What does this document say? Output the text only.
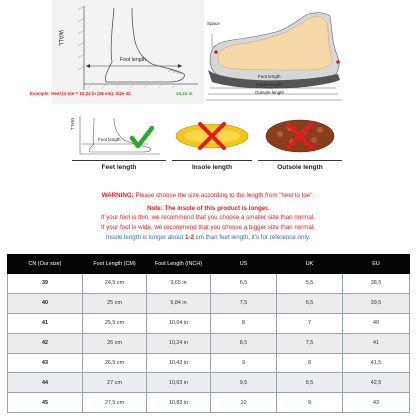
WALL
Foot length
Example: Heel to toe = 10,24 in (26 cm). Size 42.	10,24 in
Space
Foot length
Insole length
Outsole length
WALL
Foot length
Feet length	Insole length	Outsole length
WARNING: Please choose the size according to the length from "heel to toe".
Note: The insole of this product is longer.
If your foot is thin, we recommend that you choose a smaller size than normal.
If your foot is wide, we recommend that you choose a bigger size than normal.
Insole length is longer about 1-2 cm than feet length, it's for reference only.
CN (Our size)	Foot Length (CM)	Foot Length (INCH)	US	UK	EU
39	24,5 cm	9,65 in	6,5	5,5	38,5
40	25 cm	9,84 in	7,5	6,5	39,5
41	25,5 cm	10,04 in	8	7	40
42	26 cm	10,24 in	8,5	7,5	41
43	26,5 cm	10,43 in	9	8	41,5
44	27 cm	10,63 in	9,5	8,5	42,5
45	27,5 cm	10,83 in	10	9	43
